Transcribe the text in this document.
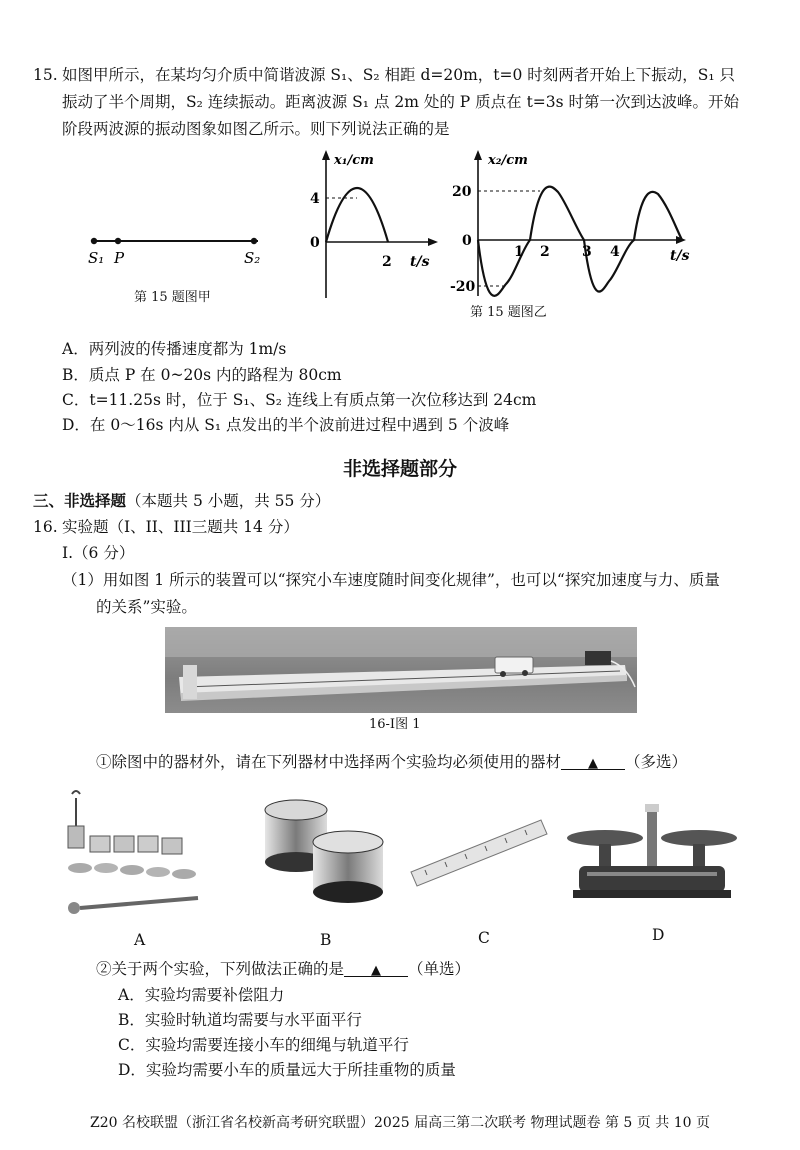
15. 如图甲所示，在某均匀介质中简谐波源 S₁、S₂ 相距 d=20m，t=0 时刻两者开始上下振动，S₁ 只
振动了半个周期，S₂ 连续振动。距离波源 S₁ 点 2m 处的 P 质点在 t=3s 时第一次到达波峰。开始
阶段两波源的振动图象如图乙所示。则下列说法正确的是
S₁ P	S₂
第 15 题图甲
x₁/cm
4
0
2 t/s
x₂/cm
20
0
-20
1 2 3 4	t/s
第 15 题图乙
A．两列波的传播速度都为 1m/s
B．质点 P 在 0~20s 内的路程为 80cm
C．t=11.25s 时，位于 S₁、S₂ 连线上有质点第一次位移达到 24cm
D．在 0～16s 内从 S₁ 点发出的半个波前进过程中遇到 5 个波峰
非选择题部分
三、非选择题（本题共 5 小题，共 55 分）
16. 实验题（I、II、III三题共 14 分）
I.（6 分）
（1）用如图 1 所示的装置可以“探究小车速度随时间变化规律”，也可以“探究加速度与力、质量
的关系”实验。
16-I图 1
①除图中的器材外，请在下列器材中选择两个实验均必须使用的器材 ▲ （多选）
A	B	C	D
②关于两个实验，下列做法正确的是 ▲ （单选）
A．实验均需要补偿阻力
B．实验时轨道均需要与水平面平行
C．实验均需要连接小车的细绳与轨道平行
D．实验均需要小车的质量远大于所挂重物的质量
Z20 名校联盟（浙江省名校新高考研究联盟）2025 届高三第二次联考 物理试题卷 第 5 页 共 10 页
